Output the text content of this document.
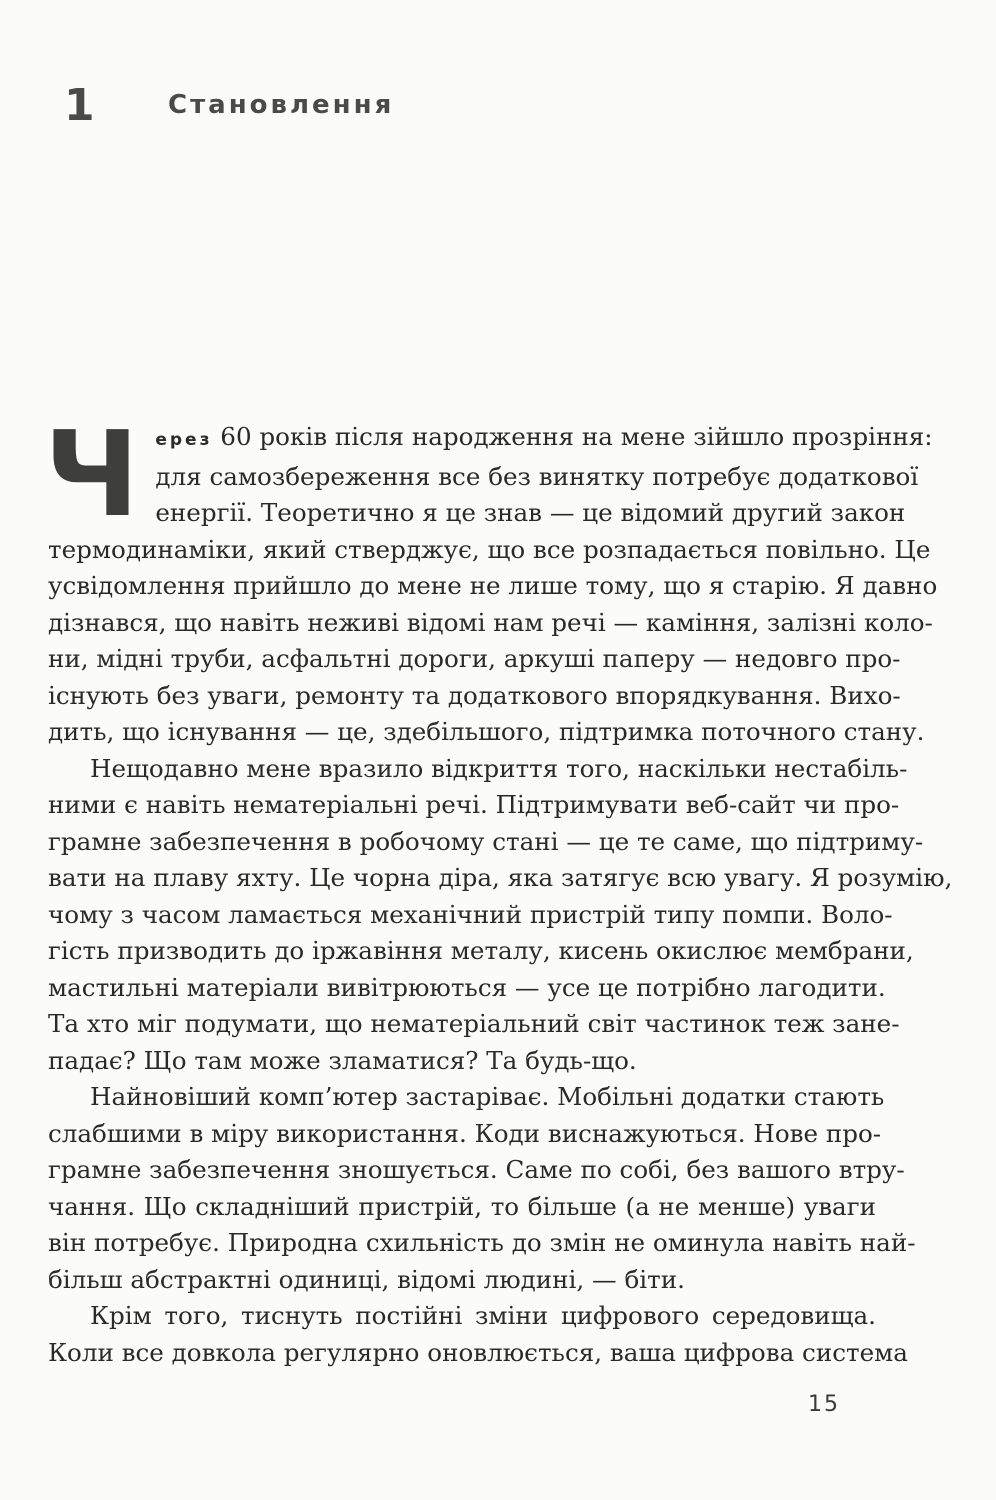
1	Становлення

Ч ерез 60 років після народження на мене зійшло прозріння:
для самозбереження все без винятку потребує додаткової
енергії. Теоретично я це знав — це відомий другий закон
термодинаміки, який стверджує, що все розпадається повільно. Це
усвідомлення прийшло до мене не лише тому, що я старію. Я давно
дізнався, що навіть неживі відомі нам речі — каміння, залізні коло-
ни, мідні труби, асфальтні дороги, аркуші паперу — недовго про-
існують без уваги, ремонту та додаткового впорядкування. Вихо-
дить, що існування — це, здебільшого, підтримка поточного стану.

Нещодавно мене вразило відкриття того, наскільки нестабіль-
ними є навіть нематеріальні речі. Підтримувати веб-сайт чи про-
грамне забезпечення в робочому стані — це те саме, що підтриму-
вати на плаву яхту. Це чорна діра, яка затягує всю увагу. Я розумію,
чому з часом ламається механічний пристрій типу помпи. Воло-
гість призводить до іржавіння металу, кисень окислює мембрани,
мастильні матеріали вивітрюються — усе це потрібно лагодити.
Та хто міг подумати, що нематеріальний світ частинок теж зане-
падає? Що там може зламатися? Та будь-що.

Найновіший комп’ютер застаріває. Мобільні додатки стають
слабшими в міру використання. Коди виснажуються. Нове про-
грамне забезпечення зношується. Саме по собі, без вашого втру-
чання. Що складніший пристрій, то більше (а не менше) уваги
він потребує. Природна схильність до змін не оминула навіть най-
більш абстрактні одиниці, відомі людині, — біти.

Крім того, тиснуть постійні зміни цифрового середовища.
Коли все довкола регулярно оновлюється, ваша цифрова система

15
